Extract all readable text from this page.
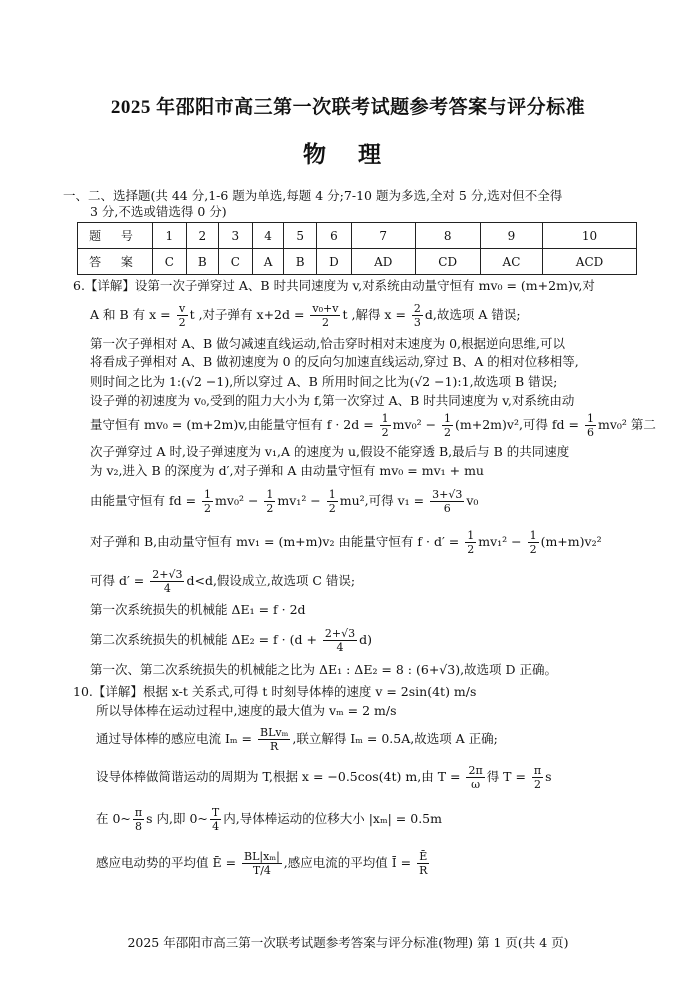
2025 年邵阳市高三第一次联考试题参考答案与评分标准
物 理
一、二、选择题(共 44 分,1-6 题为单选,每题 4 分;7-10 题为多选,全对 5 分,选对但不全得
3 分,不选或错选得 0 分)
题 号	1	2	3	4	5	6	7	8	9	10
答 案	C	B	C	A	B	D	AD	CD	AC	ACD
6.【详解】设第一次子弹穿过 A、B 时共同速度为 v,对系统由动量守恒有 mv₀ = (m+2m)v,对
A 和 B 有 $x = \frac{v}{2}$ t ,对子弹有 $x+2d = \frac{\text{v₀+v}}{2}$ t ,解得 $x = \frac{2}{3} d$,故选项 A 错误;
第一次子弹相对 A、B 做匀减速直线运动,恰击穿时相对末速度为 0,根据逆向思维,可以
将看成子弹相对 A、B 做初速度为 0 的反向匀加速直线运动,穿过 B、A 的相对位移相等,
则时间之比为 1:(√2 −1),所以穿过 A、B 所用时间之比为(√2 −1):1,故选项 B 错误;
设子弹的初速度为 v₀,受到的阻力大小为 f,第一次穿过 A、B 时共同速度为 v,对系统由动
量守恒有 mv₀ = (m+2m)v,由能量守恒有 $f \cdot 2d = \frac{1}{2} mv_0^2 - \frac{1}{2} (m+2m)v^2$,可得 fd = $\frac{1}{6} mv_0^2$ 第二
次子弹穿过 A 时,设子弹速度为 v₁,A 的速度为 u,假设不能穿透 B,最后与 B 的共同速度
为 v₂,进入 B 的深度为 d′,对子弹和 A 由动量守恒有 mv₀ = mv₁ + mu
由能量守恒有 fd = $\frac{1}{2} mv_0^2 - \frac{1}{2} mv_1^2 - \frac{1}{2} mu^2$,可得 $v_1 = \frac{3+√3}{6} v_0$
对子弹和 B,由动量守恒有 mv₁ = (m+m)v₂ 由能量守恒有 $f \cdot d' = \frac{1}{2} mv_1^2 - \frac{1}{2} (m+m)v_2^2$
可得 $d' = \frac{2+√3}{4} d<d$,假设成立,故选项 C 错误;
第一次系统损失的机械能 ΔE₁ = f · 2d
第二次系统损失的机械能 $\Delta E_2 = f \cdot (d + \frac{2+√3}{4} d)$
第一次、第二次系统损失的机械能之比为 ΔE₁ : ΔE₂ = 8 : (6+√3),故选项 D 正确。
10.【详解】根据 x-t 关系式,可得 t 时刻导体棒的速度 v = 2sin(4t) m/s
所以导体棒在运动过程中,速度的最大值为 vₘ = 2 m/s
通过导体棒的感应电流 $I_m = \frac{\text{BLvₘ}}{R}$ ,联立解得 Iₘ = 0.5A,故选项 A 正确;
设导体棒做简谐运动的周期为 T,根据 x = −0.5cos(4t) m,由 $T = \frac{2\pi}{\omega}$ 得 $T = \frac{\pi}{2}$ s
在 0~ $\frac{\pi}{8}$ s 内,即 0~ $\frac{T}{4}$ 内,导体棒运动的位移大小 |xₘ| = 0.5m
感应电动势的平均值 Ē = $\frac{\text{BL|xₘ|}}{T/4}$ ,感应电流的平均值 Ī = $\frac{Ē}{R}$
2025 年邵阳市高三第一次联考试题参考答案与评分标准(物理) 第 1 页(共 4 页)
